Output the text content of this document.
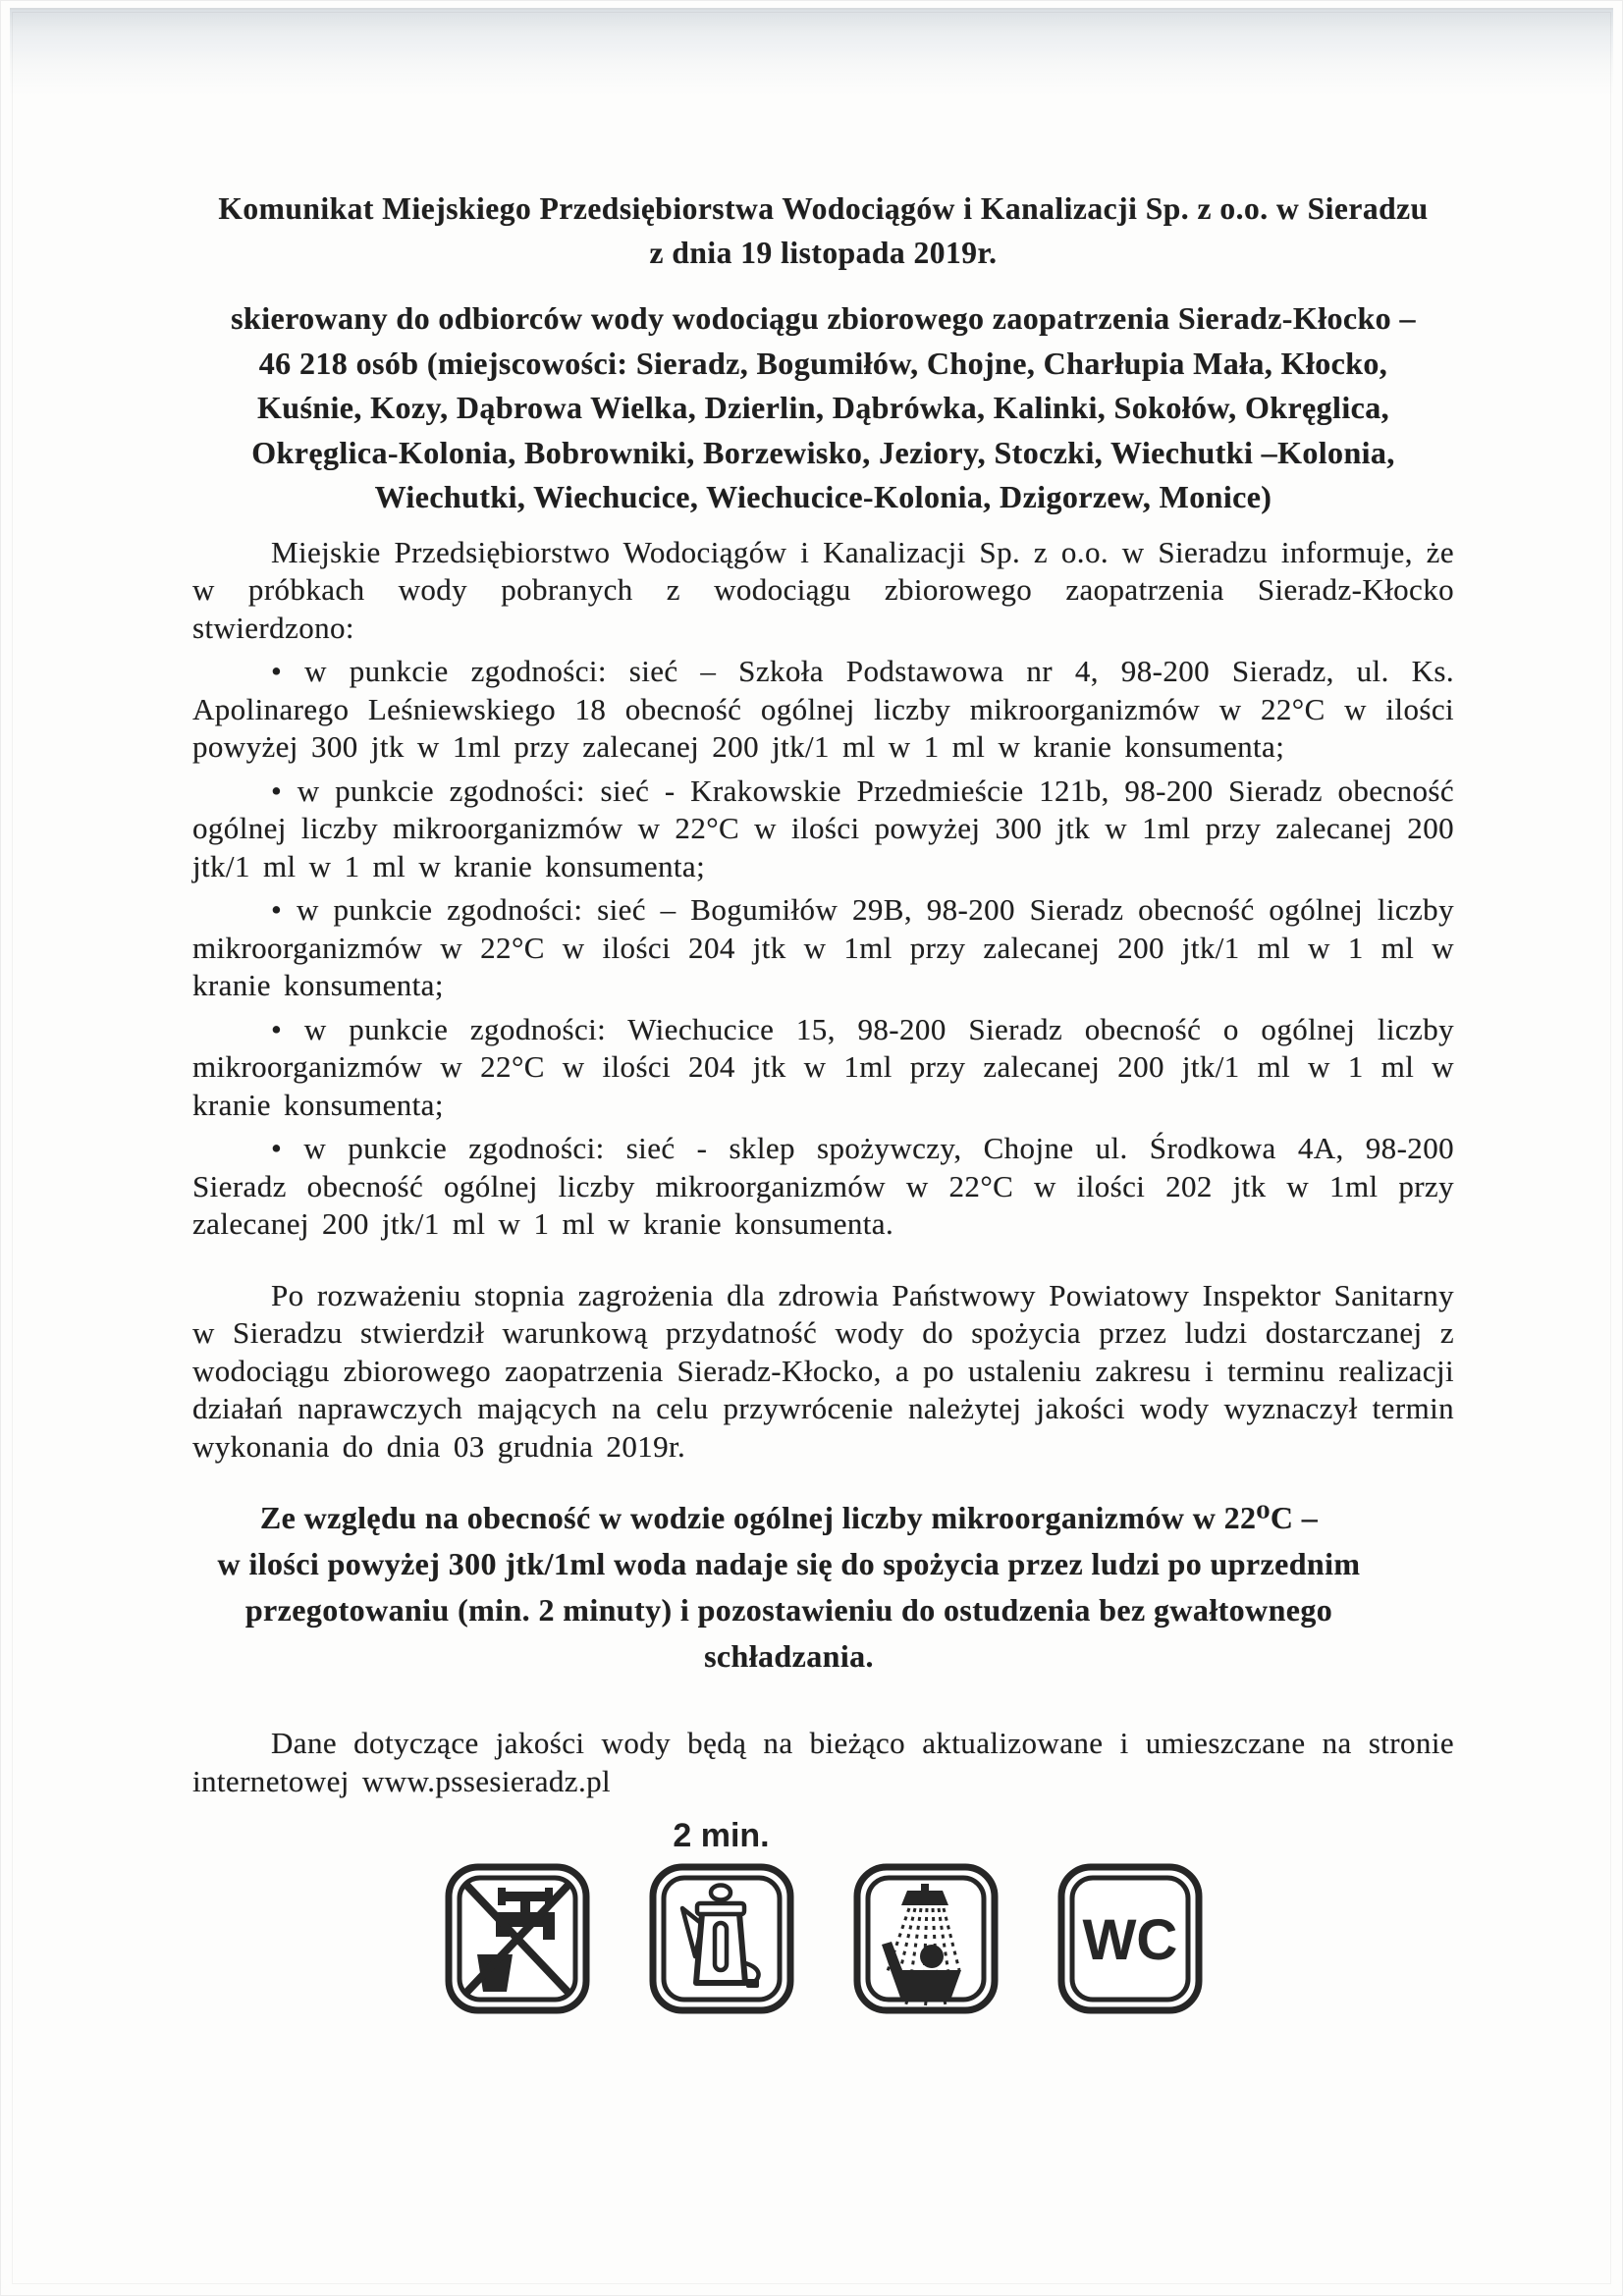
Komunikat Miejskiego Przedsiębiorstwa Wodociągów i Kanalizacji Sp. z o.o. w Sieradzu
z dnia 19 listopada 2019r.
skierowany do odbiorców wody wodociągu zbiorowego zaopatrzenia Sieradz-Kłocko –
46 218 osób (miejscowości: Sieradz, Bogumiłów, Chojne, Charłupia Mała, Kłocko,
Kuśnie, Kozy, Dąbrowa Wielka, Dzierlin, Dąbrówka, Kalinki, Sokołów, Okręglica,
Okręglica-Kolonia, Bobrowniki, Borzewisko, Jeziory, Stoczki, Wiechutki –Kolonia,
Wiechutki, Wiechucice, Wiechucice-Kolonia, Dzigorzew, Monice)

Miejskie Przedsiębiorstwo Wodociągów i Kanalizacji Sp. z o.o. w Sieradzu informuje, że w próbkach wody pobranych z wodociągu zbiorowego zaopatrzenia Sieradz-Kłocko stwierdzono:

• w punkcie zgodności: sieć – Szkoła Podstawowa nr 4, 98-200 Sieradz, ul. Ks. Apolinarego Leśniewskiego 18 obecność ogólnej liczby mikroorganizmów w 22°C w ilości powyżej 300 jtk w 1ml przy zalecanej 200 jtk/1 ml w 1 ml w kranie konsumenta;

• w punkcie zgodności: sieć - Krakowskie Przedmieście 121b, 98-200 Sieradz obecność ogólnej liczby mikroorganizmów w 22°C w ilości powyżej 300 jtk w 1ml przy zalecanej 200 jtk/1 ml w 1 ml w kranie konsumenta;

• w punkcie zgodności: sieć – Bogumiłów 29B, 98-200 Sieradz obecność ogólnej liczby mikroorganizmów w 22°C w ilości 204 jtk w 1ml przy zalecanej 200 jtk/1 ml w 1 ml w kranie konsumenta;

• w punkcie zgodności: Wiechucice 15, 98-200 Sieradz obecność o ogólnej liczby mikroorganizmów w 22°C w ilości 204 jtk w 1ml przy zalecanej 200 jtk/1 ml w 1 ml w kranie konsumenta;

• w punkcie zgodności: sieć - sklep spożywczy, Chojne ul. Środkowa 4A, 98-200 Sieradz obecność ogólnej liczby mikroorganizmów w 22°C w ilości 202 jtk w 1ml przy zalecanej 200 jtk/1 ml w 1 ml w kranie konsumenta.

Po rozważeniu stopnia zagrożenia dla zdrowia Państwowy Powiatowy Inspektor Sanitarny w Sieradzu stwierdził warunkową przydatność wody do spożycia przez ludzi dostarczanej z wodociągu zbiorowego zaopatrzenia Sieradz-Kłocko, a po ustaleniu zakresu i terminu realizacji działań naprawczych mających na celu przywrócenie należytej jakości wody wyznaczył termin wykonania do dnia 03 grudnia 2019r.

Ze względu na obecność w wodzie ogólnej liczby mikroorganizmów w 22⁰C –
w ilości powyżej 300 jtk/1ml woda nadaje się do spożycia przez ludzi po uprzednim
przegotowaniu (min. 2 minuty) i pozostawieniu do ostudzenia bez gwałtownego
schładzania.

Dane dotyczące jakości wody będą na bieżąco aktualizowane i umieszczane na stronie internetowej www.pssesieradz.pl

2 min.
WC
